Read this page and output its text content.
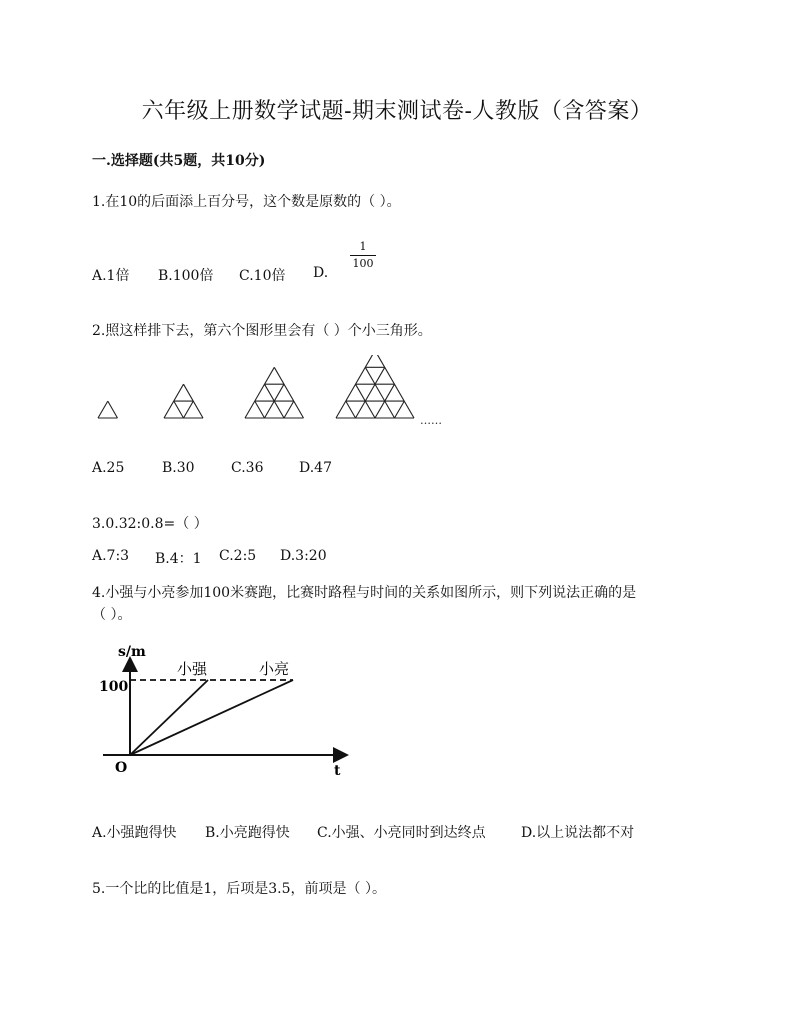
六年级上册数学试题-期末测试卷-人教版（含答案）
一.选择题(共5题，共10分)
1.在10的后面添上百分号，这个数是原数的（ ）。
A.1倍 B.100倍 C.10倍 D.
1
100
2.照这样排下去，第六个图形里会有（ ）个小三角形。
……
A.25	B.30	C.36	D.47
3.0.32:0.8=（ ）
A.7:3 B.4：1 C.2:5 D.3:20
4.小强与小亮参加100米赛跑，比赛时路程与时间的关系如图所示，则下列说法正确的是
（ ）。
s/m
100
O	t
小强	小亮
A.小强跑得快 B.小亮跑得快 C.小强、小亮同时到达终点	D.以上说法都不对
5.一个比的比值是1，后项是3.5，前项是（ ）。
